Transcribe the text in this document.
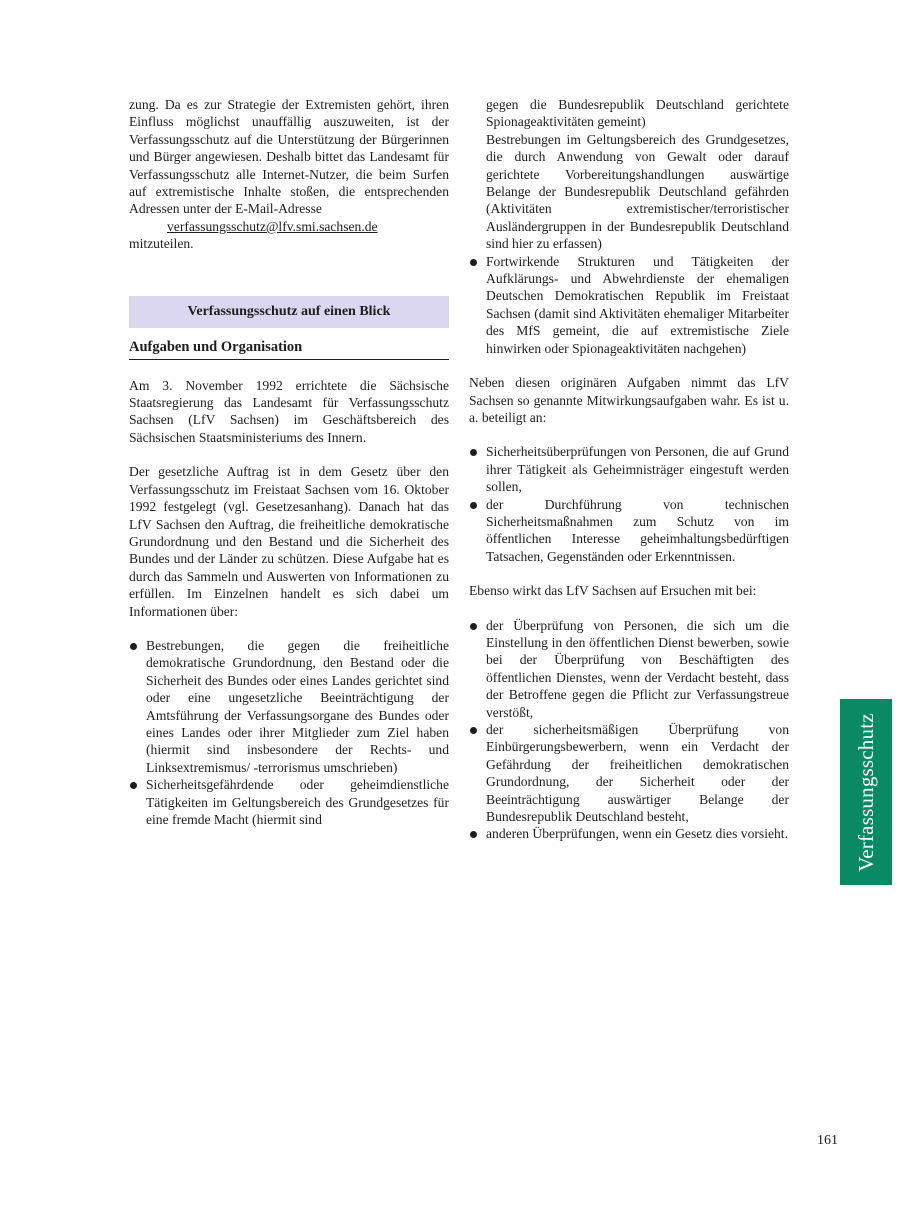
zung. Da es zur Strategie der Extremisten gehört, ihren Einfluss möglichst unauffällig auszuweiten, ist der Verfassungsschutz auf die Unterstützung der Bürgerinnen und Bürger angewiesen. Deshalb bittet das Landesamt für Verfassungsschutz alle Internet-Nutzer, die beim Surfen auf extremistische Inhalte stoßen, die entsprechenden Adressen unter der E-Mail-Adresse

verfassungsschutz@lfv.smi.sachsen.de

mitzuteilen.

Verfassungsschutz auf einen Blick
Aufgaben und Organisation

Am 3. November 1992 errichtete die Sächsische Staatsregierung das Landesamt für Verfassungsschutz Sachsen (LfV Sachsen) im Geschäftsbereich des Sächsischen Staatsministeriums des Innern.

Der gesetzliche Auftrag ist in dem Gesetz über den Verfassungsschutz im Freistaat Sachsen vom 16. Oktober 1992 festgelegt (vgl. Gesetzesanhang). Danach hat das LfV Sachsen den Auftrag, die freiheitliche demokratische Grundordnung und den Bestand und die Sicherheit des Bundes und der Länder zu schützen. Diese Aufgabe hat es durch das Sammeln und Auswerten von Informationen zu erfüllen. Im Einzelnen handelt es sich dabei um Informationen über:

Bestrebungen, die gegen die freiheitliche demokratische Grundordnung, den Bestand oder die Sicherheit des Bundes oder eines Landes gerichtet sind oder eine ungesetzliche Beeinträchtigung der Amtsführung der Verfassungsorgane des Bundes oder eines Landes oder ihrer Mitglieder zum Ziel haben (hiermit sind insbesondere der Rechts- und Linksextremismus/ -terrorismus umschrieben)
Sicherheitsgefährdende oder geheimdienstliche Tätigkeiten im Geltungsbereich des Grundgesetzes für eine fremde Macht (hiermit sind

gegen die Bundesrepublik Deutschland gerichtete Spionageaktivitäten gemeint)

Bestrebungen im Geltungsbereich des Grundgesetzes, die durch Anwendung von Gewalt oder darauf gerichtete Vorbereitungshandlungen auswärtige Belange der Bundesrepublik Deutschland gefährden (Aktivitäten extremistischer/terroristischer Ausländergruppen in der Bundesrepublik Deutschland sind hier zu erfassen)
Fortwirkende Strukturen und Tätigkeiten der Aufklärungs- und Abwehrdienste der ehemaligen Deutschen Demokratischen Republik im Freistaat Sachsen (damit sind Aktivitäten ehemaliger Mitarbeiter des MfS gemeint, die auf extremistische Ziele hinwirken oder Spionageaktivitäten nachgehen)

Neben diesen originären Aufgaben nimmt das LfV Sachsen so genannte Mitwirkungsaufgaben wahr. Es ist u. a. beteiligt an:

Sicherheitsüberprüfungen von Personen, die auf Grund ihrer Tätigkeit als Geheimnisträger eingestuft werden sollen,
der Durchführung von technischen Sicherheitsmaßnahmen zum Schutz von im öffentlichen Interesse geheimhaltungsbedürftigen Tatsachen, Gegenständen oder Erkenntnissen.

Ebenso wirkt das LfV Sachsen auf Ersuchen mit bei:

der Überprüfung von Personen, die sich um die Einstellung in den öffentlichen Dienst bewerben, sowie bei der Überprüfung von Beschäftigten des öffentlichen Dienstes, wenn der Verdacht besteht, dass der Betroffene gegen die Pflicht zur Verfassungstreue verstößt,
der sicherheitsmäßigen Überprüfung von Einbürgerungsbewerbern, wenn ein Verdacht der Gefährdung der freiheitlichen demokratischen Grundordnung, der Sicherheit oder der Beeinträchtigung auswärtiger Belange der Bundesrepublik Deutschland besteht,
anderen Überprüfungen, wenn ein Gesetz dies vorsieht.	Verfassungsschutz
161
